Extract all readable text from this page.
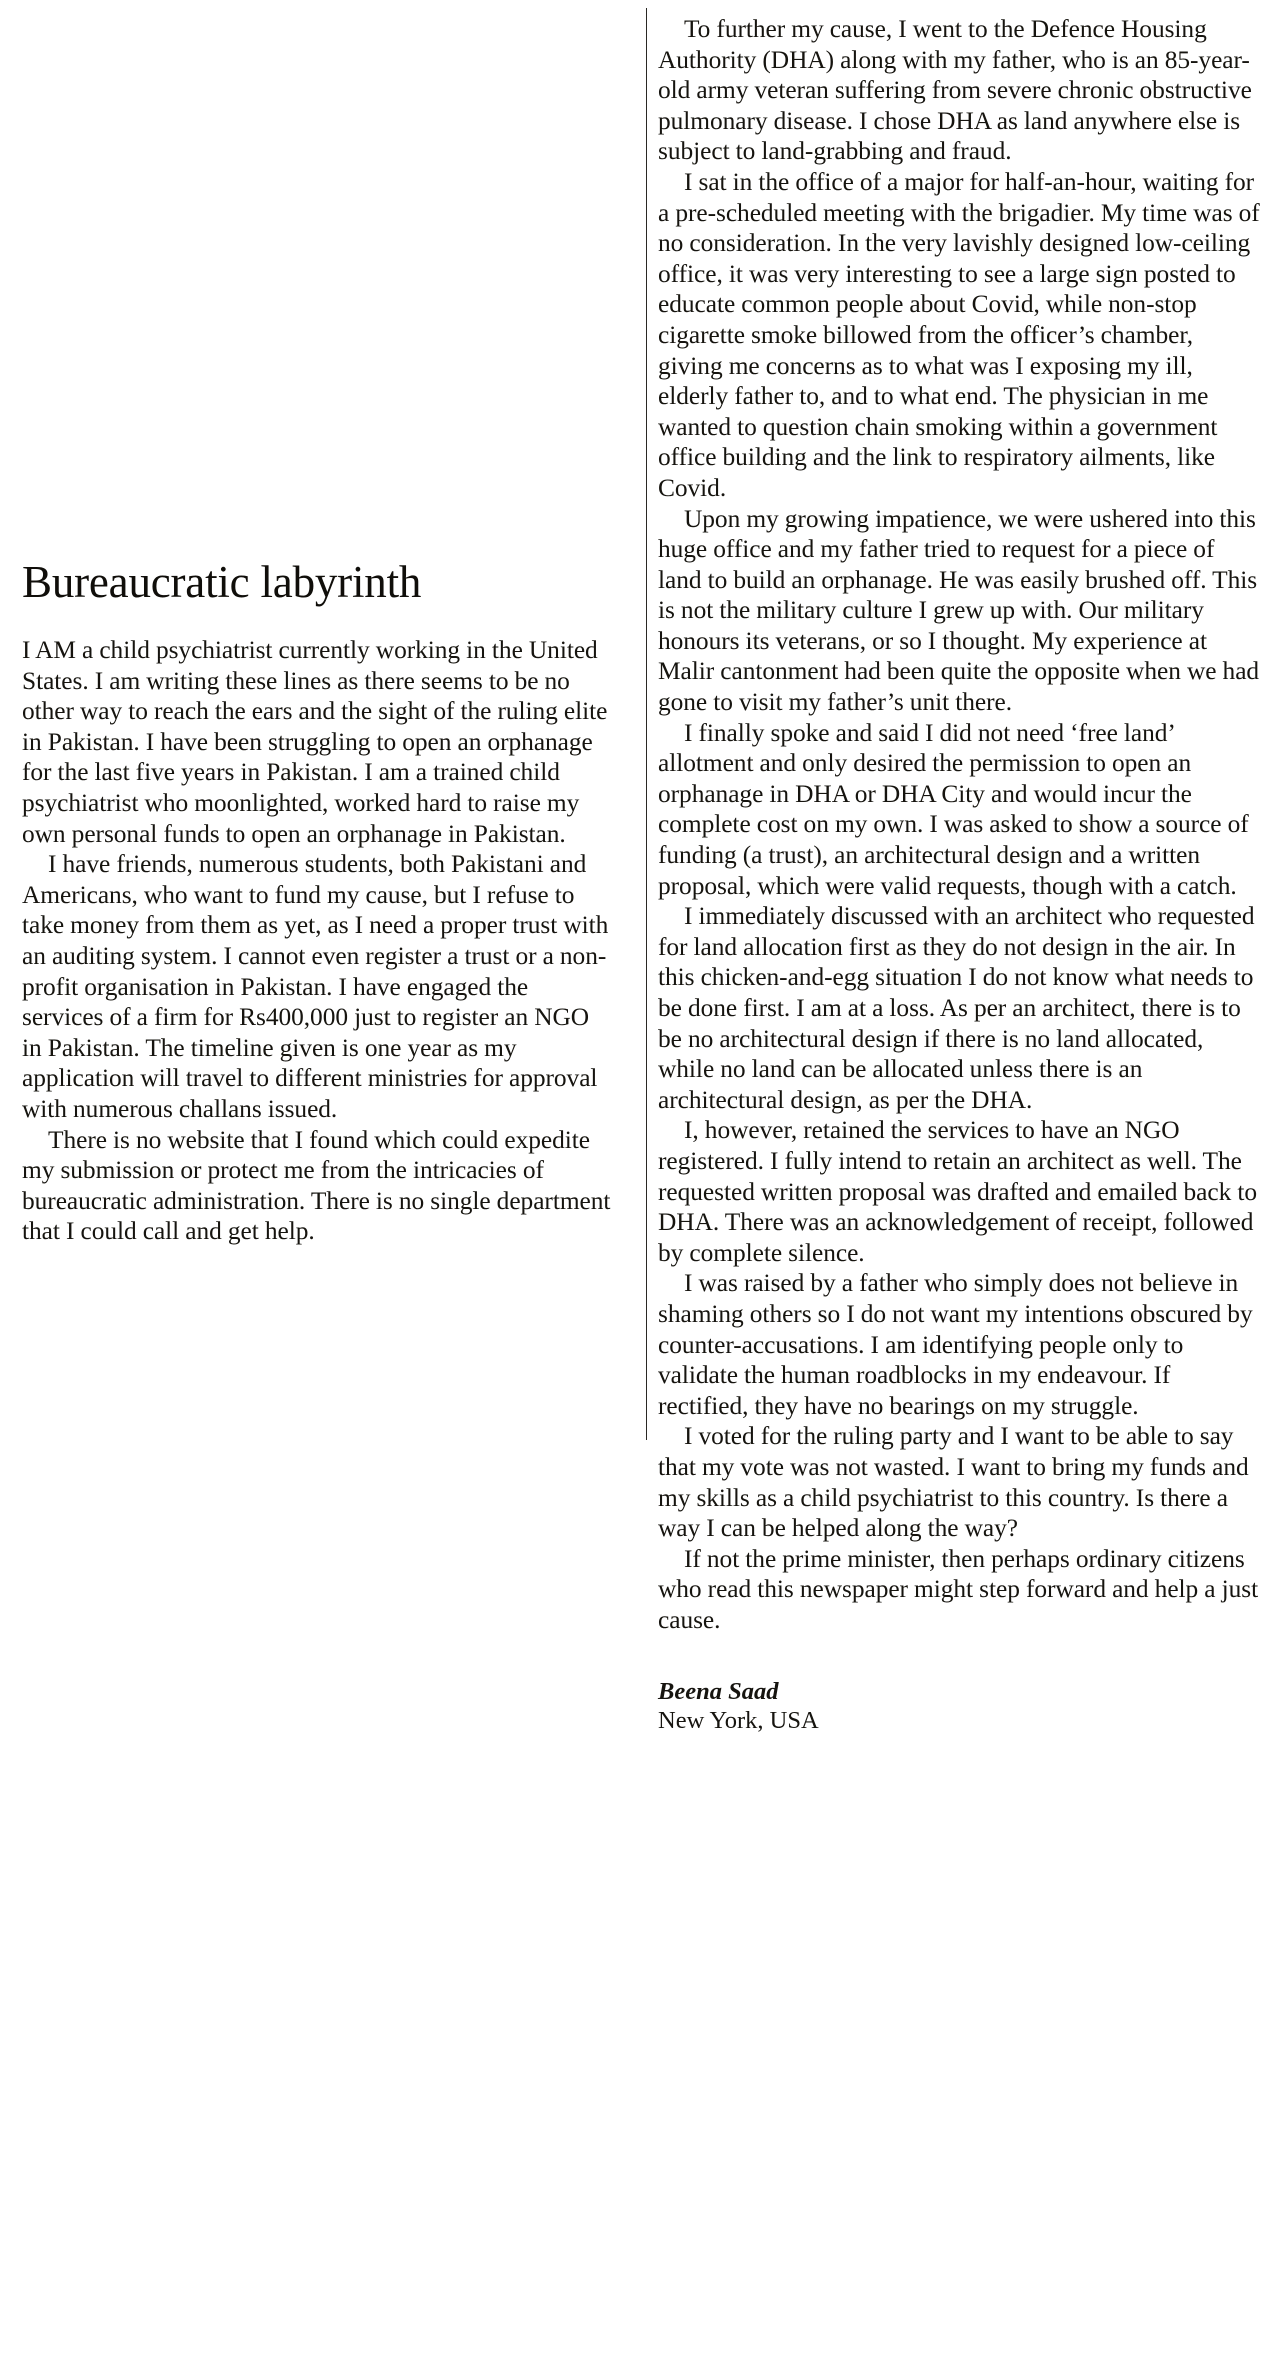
Bureaucratic labyrinth

I AM a child psychiatrist currently working in the United States. I am writing these lines as there seems to be no other way to reach the ears and the sight of the ruling elite in Pakistan. I have been struggling to open an orphanage for the last five years in Pakistan. I am a trained child psychiatrist who moonlighted, worked hard to raise my own personal funds to open an orphanage in Pakistan.

I have friends, numerous students, both Pakistani and Americans, who want to fund my cause, but I refuse to take money from them as yet, as I need a proper trust with an auditing system. I cannot even register a trust or a non-profit organisation in Pakistan. I have engaged the services of a firm for Rs400,000 just to register an NGO in Pakistan. The timeline given is one year as my application will travel to different ministries for approval with numerous challans issued.

There is no website that I found which could expedite my submission or protect me from the intricacies of bureaucratic administration. There is no single department that I could call and get help.

To further my cause, I went to the Defence Housing Authority (DHA) along with my father, who is an 85-year-old army veteran suffering from severe chronic obstructive pulmonary disease. I chose DHA as land anywhere else is subject to land-grabbing and fraud.

I sat in the office of a major for half-an-hour, waiting for a pre-scheduled meeting with the brigadier. My time was of no consideration. In the very lavishly designed low-ceiling office, it was very interesting to see a large sign posted to educate common people about Covid, while non-stop cigarette smoke billowed from the officer’s chamber, giving me concerns as to what was I exposing my ill, elderly father to, and to what end. The physician in me wanted to question chain smoking within a government office building and the link to respiratory ailments, like Covid.

Upon my growing impatience, we were ushered into this huge office and my father tried to request for a piece of land to build an orphanage. He was easily brushed off. This is not the military culture I grew up with. Our military honours its veterans, or so I thought. My experience at Malir cantonment had been quite the opposite when we had gone to visit my father’s unit there.

I finally spoke and said I did not need ‘free land’ allotment and only desired the permission to open an orphanage in DHA or DHA City and would incur the complete cost on my own. I was asked to show a source of funding (a trust), an architectural design and a written proposal, which were valid requests, though with a catch.

I immediately discussed with an architect who requested for land allocation first as they do not design in the air. In this chicken-and-egg situation I do not know what needs to be done first. I am at a loss. As per an architect, there is to be no architectural design if there is no land allocated, while no land can be allocated unless there is an architectural design, as per the DHA.

I, however, retained the services to have an NGO registered. I fully intend to retain an architect as well. The requested written proposal was drafted and emailed back to DHA. There was an acknowledgement of receipt, followed by complete silence.

I was raised by a father who simply does not believe in shaming others so I do not want my intentions obscured by counter-accusations. I am identifying people only to validate the human roadblocks in my endeavour. If rectified, they have no bearings on my struggle.

I voted for the ruling party and I want to be able to say that my vote was not wasted. I want to bring my funds and my skills as a child psychiatrist to this country. Is there a way I can be helped along the way?

If not the prime minister, then perhaps ordinary citizens who read this newspaper might step forward and help a just cause.

Beena Saad

New York, USA
